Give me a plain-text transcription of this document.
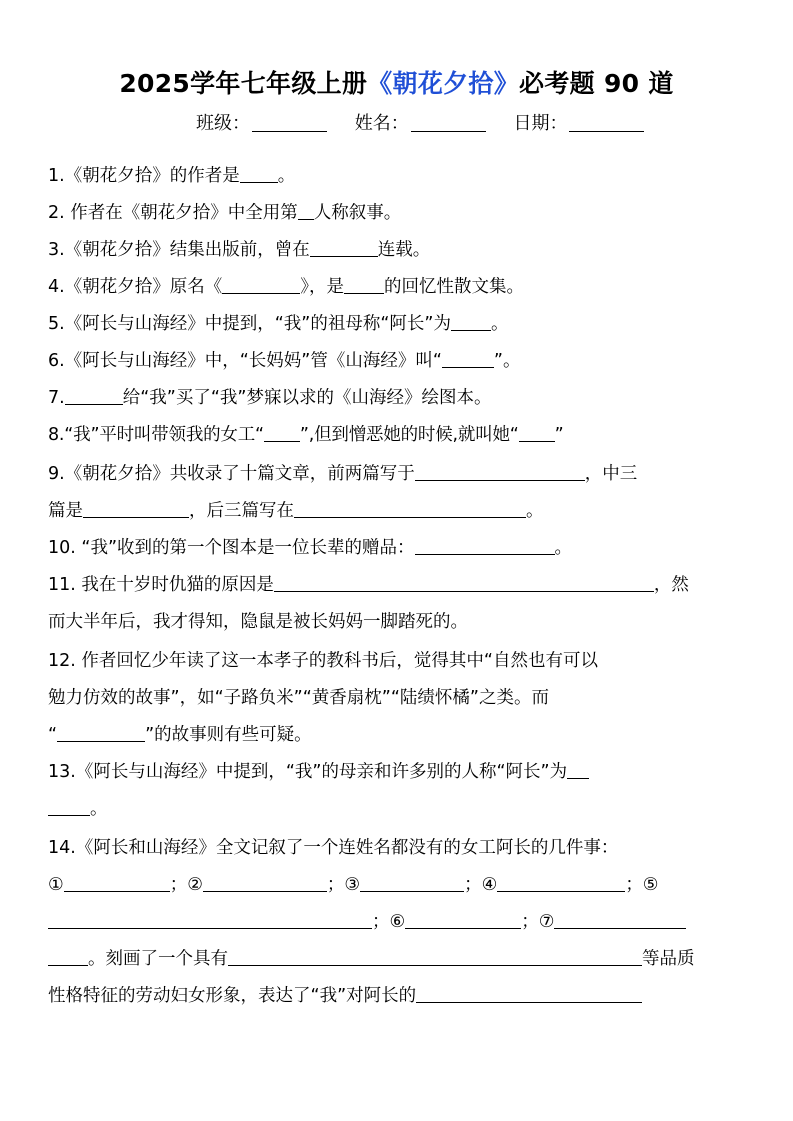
2025学年七年级上册《朝花夕拾》必考题 90 道
班级：	姓名：	日期：

1.《朝花夕拾》的作者是 。

2. 作者在《朝花夕拾》中全用第 人称叙事。

3.《朝花夕拾》结集出版前，曾在	连载。

4.《朝花夕拾》原名《	》，是 的回忆性散文集。

5.《阿长与山海经》中提到，“我”的祖母称“阿长”为 。

6.《阿长与山海经》中，“长妈妈”管《山海经》叫“	”。

7.	给“我”买了“我”梦寐以求的《山海经》绘图本。

8.“我”平时叫带领我的女工“ ”,但到憎恶她的时候,就叫她“ ”

9.《朝花夕拾》共收录了十篇文章，前两篇写于	，中三

篇是	，后三篇写在	。

10. “我”收到的第一个图本是一位长辈的赠品：	。

11. 我在十岁时仇猫的原因是	，然

而大半年后，我才得知，隐鼠是被长妈妈一脚踏死的。

12. 作者回忆少年读了这一本孝子的教科书后，觉得其中“自然也有可以

勉力仿效的故事”，如“子路负米”“黄香扇枕”“陆绩怀橘”之类。而

“	”的故事则有些可疑。

13.《阿长与山海经》中提到，“我”的母亲和许多别的人称“阿长”为

。

14.《阿长和山海经》全文记叙了一个连姓名都没有的女工阿长的几件事：

①	；②	；③	；④	；⑤

；⑥	；⑦

。刻画了一个具有	等品质

性格特征的劳动妇女形象，表达了“我”对阿长的
